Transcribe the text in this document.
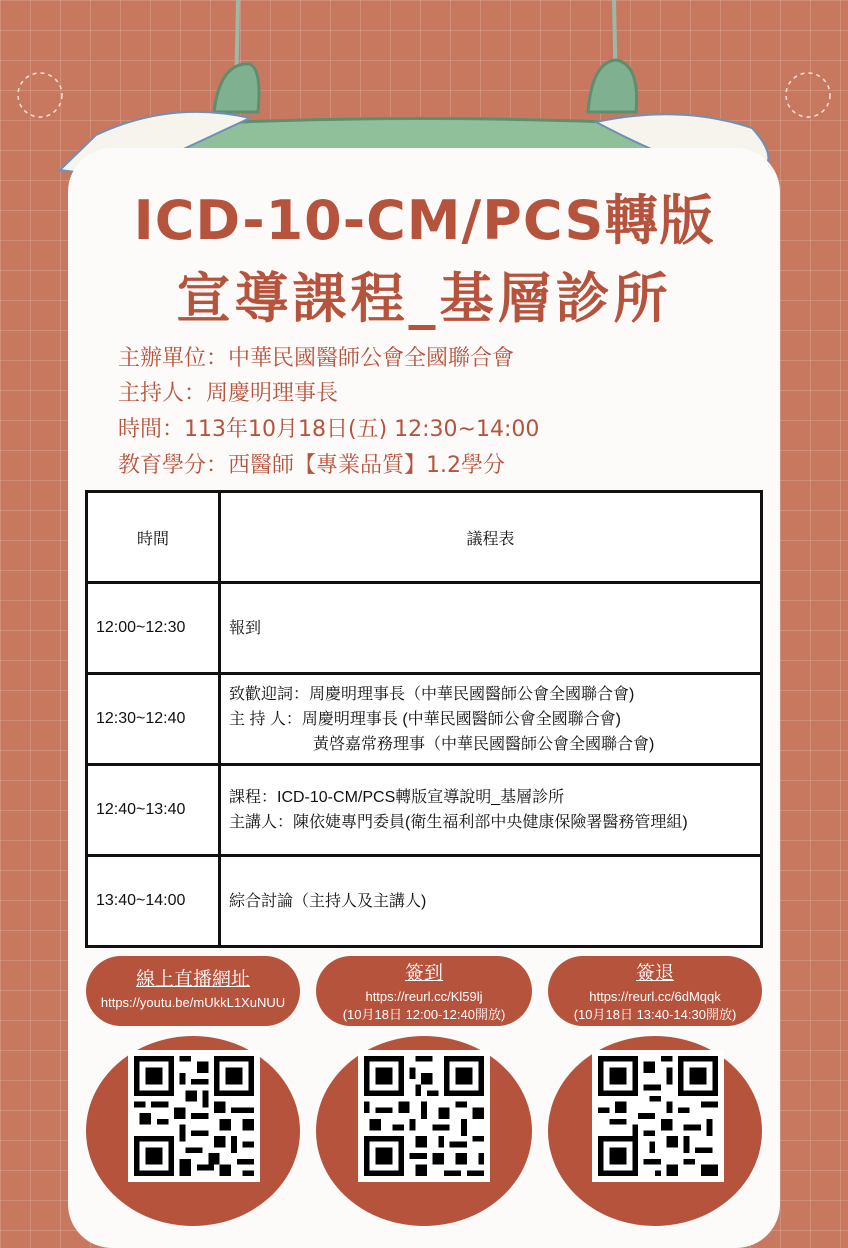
ICD-10-CM/PCS轉版
宣導課程_基層診所
主辦單位：中華民國醫師公會全國聯合會
主持人：周慶明理事長
時間：113年10月18日(五) 12:30~14:00
教育學分：西醫師【專業品質】1.2學分
時間	議程表
12:00~12:30	報到

12:30~12:40	致歡迎詞：周慶明理事長（中華民國醫師公會全國聯合會)
主 持 人：周慶明理事長 (中華民國醫師公會全國聯合會)
黃啓嘉常務理事（中華民國醫師公會全國聯合會)

12:40~13:40	課程：ICD-10-CM/PCS轉版宣導說明_基層診所
主講人：陳依婕專門委員(衛生福利部中央健康保險署醫務管理組)

13:40~14:00	綜合討論（主持人及主講人)
線上直播網址
https://youtu.be/mUkkL1XuNUU
簽到
https://reurl.cc/Kl59lj
(10月18日 12:00-12:40開放)
簽退
https://reurl.cc/6dMqqk
(10月18日 13:40-14:30開放)
